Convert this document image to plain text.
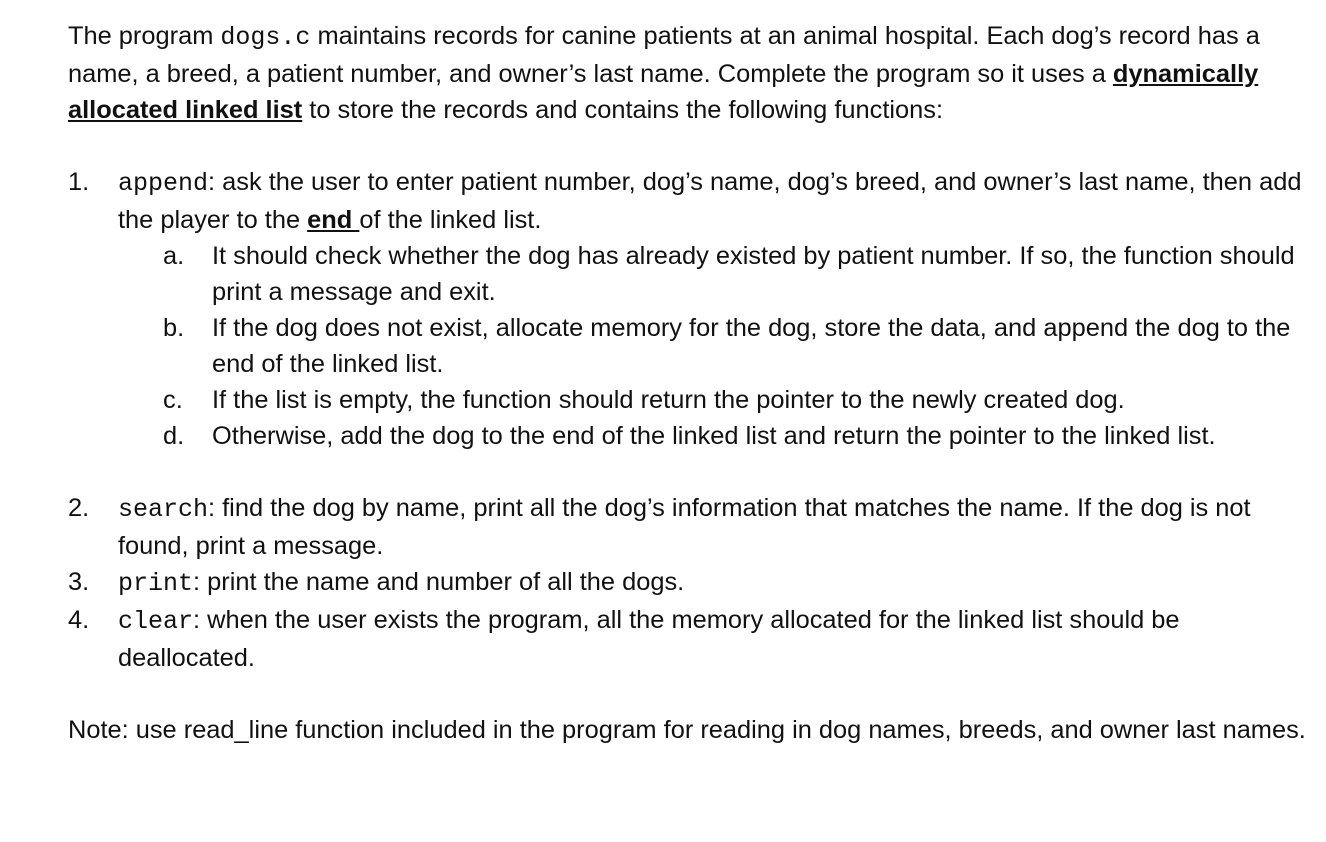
The program dogs.c maintains records for canine patients at an animal hospital. Each dog’s record has a name, a breed, a patient number, and owner’s last name. Complete the program so it uses a dynamically allocated linked list to store the records and contains the following functions:

1. append: ask the user to enter patient number, dog’s name, dog’s breed, and owner’s last name, then add the player to the end of the linked list.

a. It should check whether the dog has already existed by patient number. If so, the function should print a message and exit.

b. If the dog does not exist, allocate memory for the dog, store the data, and append the dog to the end of the linked list.

c. If the list is empty, the function should return the pointer to the newly created dog.

d. Otherwise, add the dog to the end of the linked list and return the pointer to the linked list.

2. search: find the dog by name, print all the dog’s information that matches the name. If the dog is not found, print a message.

3. print: print the name and number of all the dogs.

4. clear: when the user exists the program, all the memory allocated for the linked list should be deallocated.

Note: use read_line function included in the program for reading in dog names, breeds, and owner last names.
